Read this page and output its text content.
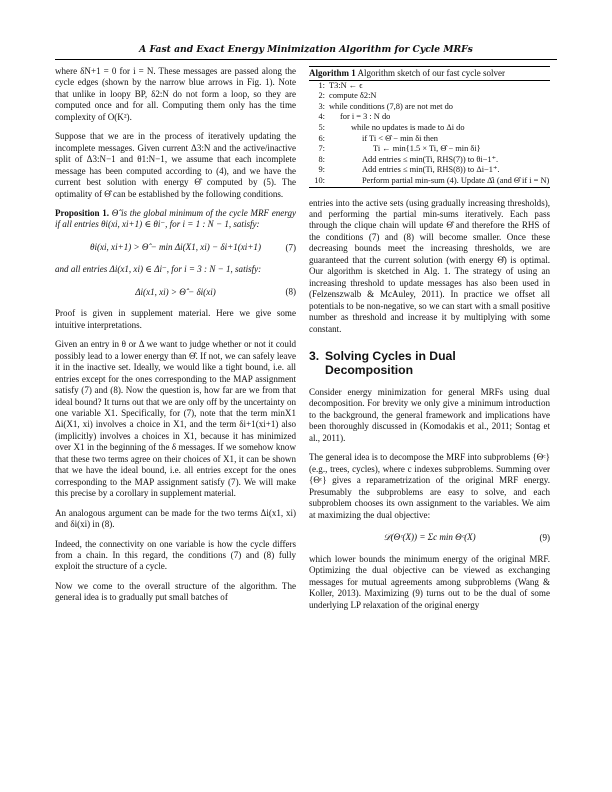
A Fast and Exact Energy Minimization Algorithm for Cycle MRFs

where δN+1 = 0 for i = N. These messages are passed along the cycle edges (shown by the narrow blue arrows in Fig. 1). Note that unlike in loopy BP, δ2:N do not form a loop, so they are computed once and for all. Computing them only has the time complexity of O(K²).

Suppose that we are in the process of iteratively updating the incomplete messages. Given current Δ3:N and the active/inactive split of Δ3:N−1 and θ1:N−1, we assume that each incomplete message has been computed according to (4), and we have the current best solution with energy Θ̂ computed by (5). The optimality of Θ̂ can be established by the following conditions.

Proposition 1. Θ̂ is the global minimum of the cycle MRF energy if all entries θi(xi, xi+1) ∈ θi⁻, for i = 1 : N − 1, satisfy:

θi(xi, xi+1) > Θ̂ − min Δi(X1, xi) − δi+1(xi+1)	(7)

and all entries Δi(x1, xi) ∈ Δi⁻, for i = 3 : N − 1, satisfy:

Δi(x1, xi) > Θ̂ − δi(xi)	(8)

Proof is given in supplement material. Here we give some intuitive interpretations.

Given an entry in θ or Δ we want to judge whether or not it could possibly lead to a lower energy than Θ̂. If not, we can safely leave it in the inactive set. Ideally, we would like a tight bound, i.e. all entries except for the ones corresponding to the MAP assignment satisfy (7) and (8). Now the question is, how far are we from that ideal bound? It turns out that we are only off by the uncertainty on one variable X1. Specifically, for (7), note that the term minX1 Δi(X1, xi) involves a choice in X1, and the term δi+1(xi+1) also (implicitly) involves a choices in X1, because it has minimized over X1 in the beginning of the δ messages. If we somehow know that these two terms agree on their choices of X1, it can be shown that we have the ideal bound, i.e. all entries except for the ones corresponding to the MAP assignment satisfy (7). We will make this precise by a corollary in supplement material.

An analogous argument can be made for the two terms Δi(x1, xi) and δi(xi) in (8).

Indeed, the connectivity on one variable is how the cycle differs from a chain. In this regard, the conditions (7) and (8) fully exploit the structure of a cycle.

Now we come to the overall structure of the algorithm. The general idea is to gradually put small batches of

Algorithm 1 Algorithm sketch of our fast cycle solver
1: T3:N ← ϵ
2: compute δ2:N
3: while conditions (7,8) are not met do
4:	for i = 3 : N do
5:	while no updates is made to Δi do
6:	if Ti < Θ̂ − min δi then
7:	Ti ← min{1.5 × Ti, Θ̂ − min δi}
8:	Add entries ≤ min(Ti, RHS(7)) to θi−1⁺.
9:	Add entries ≤ min(Ti, RHS(8)) to Δi−1⁺.
10:	Perform partial min-sum (4). Update Δ̂i (and Θ̂ if i = N)

entries into the active sets (using gradually increasing thresholds), and performing the partial min-sums iteratively. Each pass through the clique chain will update Θ̂ and therefore the RHS of the conditions (7) and (8) will become smaller. Once these decreasing bounds meet the increasing thresholds, we are guaranteed that the current solution (with energy Θ̂) is optimal. Our algorithm is sketched in Alg. 1. The strategy of using an increasing threshold to update messages has also been used in (Felzenszwalb & McAuley, 2011). In practice we offset all potentials to be non-negative, so we can start with a small positive number as threshold and increase it by multiplying with some constant.

3. Solving Cycles in Dual
Decomposition

Consider energy minimization for general MRFs using dual decomposition. For brevity we only give a minimum introduction to the background, the general framework and implications have been thoroughly discussed in (Komodakis et al., 2011; Sontag et al., 2011).

The general idea is to decompose the MRF into subproblems {Θᶜ} (e.g., trees, cycles), where c indexes subproblems. Summing over {Θᶜ} gives a reparametrization of the original MRF energy. Presumably the subproblems are easy to solve, and each subproblem chooses its own assignment to the variables. We aim at maximizing the dual objective:

𝒟(Θᶜ(X)) = Σc min Θᶜ(X)	(9)

which lower bounds the minimum energy of the original MRF. Optimizing the dual objective can be viewed as exchanging messages for mutual agreements among subproblems (Wang & Koller, 2013). Maximizing (9) turns out to be the dual of some underlying LP relaxation of the original energy
